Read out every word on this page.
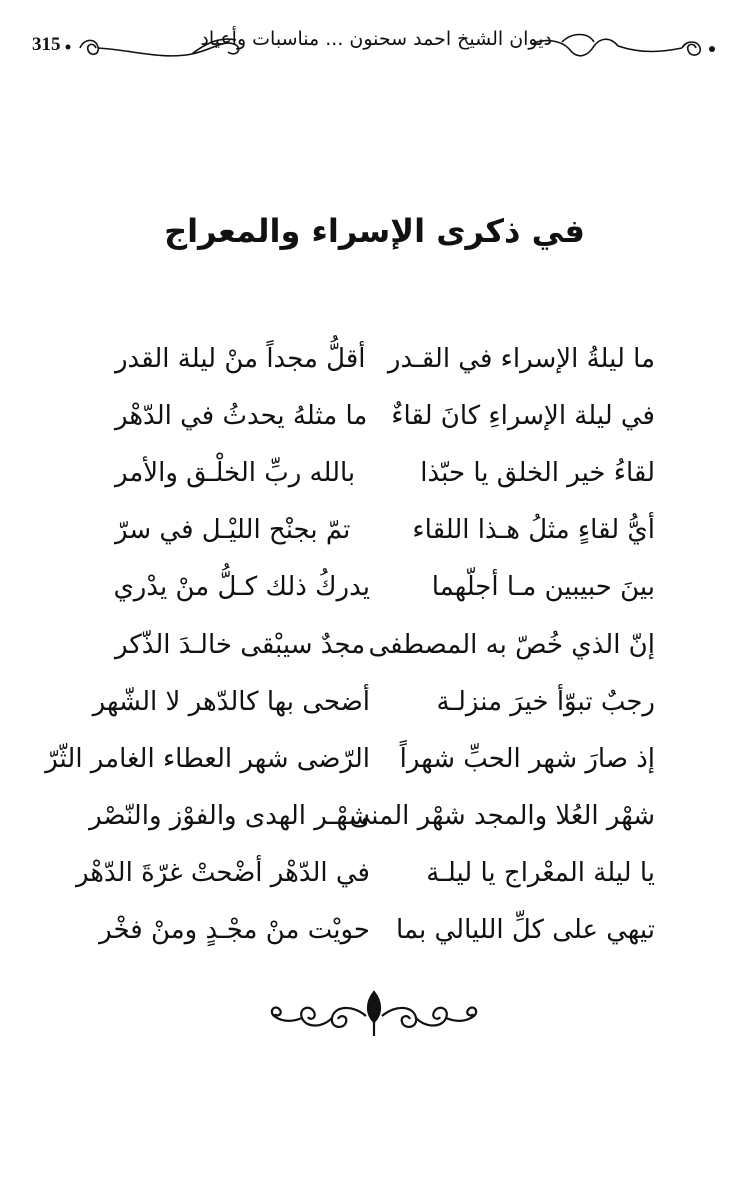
315	ديوان الشيخ احمد سحنون ... مناسبات وأعياد
في ذكرى الإسراء والمعراج
ما ليلةُ الإسراء في القـدر
أقلُّ مجداً منْ ليلة القدر
في ليلة الإسراءِ كانَ لقاءٌ
ما مثلهُ يحدثُ في الدّهْر
لقاءُ خير الخلق يا حبّذا
بالله ربِّ الخلْـق والأمر
أيُّ لقاءٍ مثلُ هـذا اللقاء
تمّ بجنْح الليْـل في سرّ
بينَ حبيبين مـا أجلّهما
يدركُ ذلك كـلُّ منْ يدْري
إنّ الذي خُصّ به المصطفى
مجدٌ سيبْقى خالـدَ الذّكر
رجبٌ تبوّأ خيرَ منزلـة
أضحى بها كالدّهر لا الشّهر
إذ صارَ شهر الحبِّ شهراً
الرّضى شهر العطاء الغامر الثّرّ
شهْر العُلا والمجد شهْر المنى
شهْـر الهدى والفوْز والنّصْر
يا ليلة المعْراج يا ليلـة
في الدّهْر أضْحتْ غرّةَ الدّهْر
تيهي على كلِّ الليالي بما
حويْت منْ مجْـدٍ ومنْ فخْر
